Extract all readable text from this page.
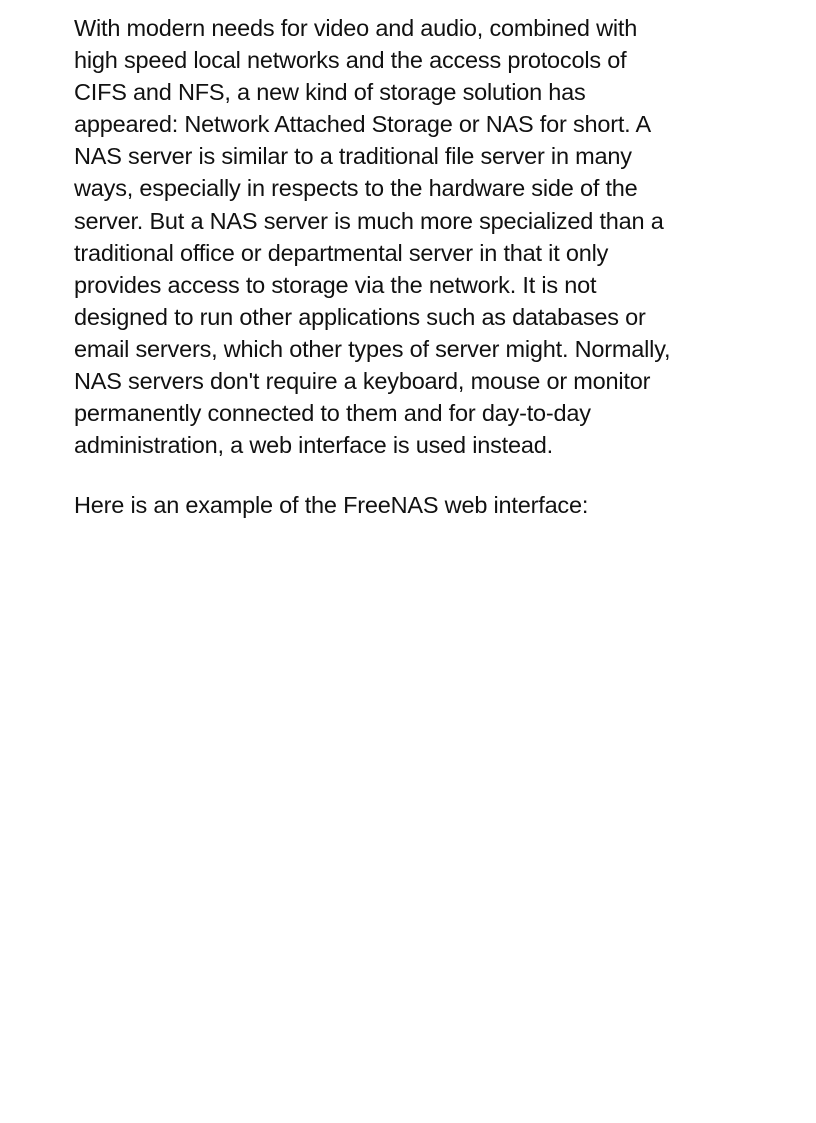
With modern needs for video and audio, combined with high speed local networks and the access protocols of CIFS and NFS, a new kind of storage solution has appeared: Network Attached Storage or NAS for short. A NAS server is similar to a traditional file server in many ways, especially in respects to the hardware side of the server. But a NAS server is much more specialized than a traditional office or departmental server in that it only provides access to storage via the network. It is not designed to run other applications such as databases or email servers, which other types of server might. Normally, NAS servers don't require a keyboard, mouse or monitor permanently connected to them and for day-to-day administration, a web interface is used instead.

Here is an example of the FreeNAS web interface:
